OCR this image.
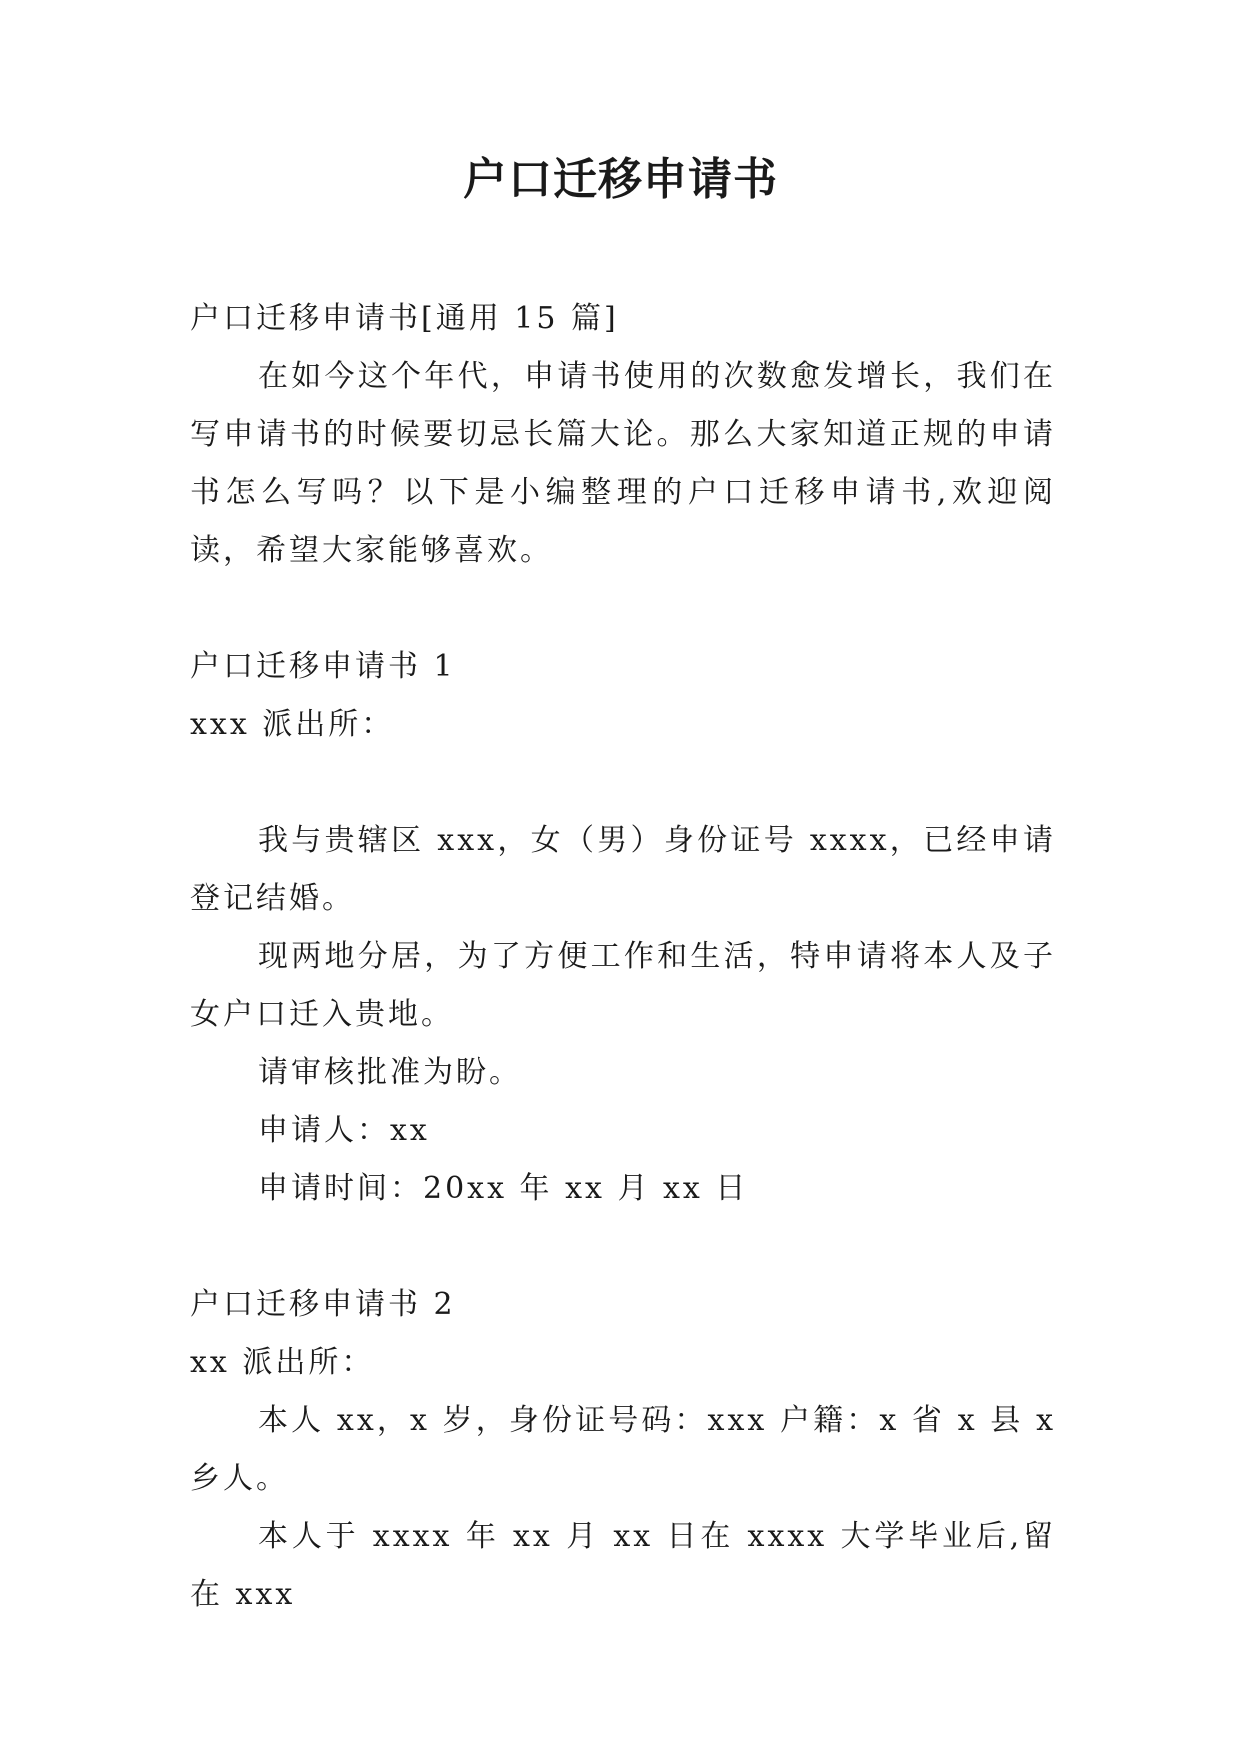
户口迁移申请书

户口迁移申请书[通用 15 篇]

在如今这个年代，申请书使用的次数愈发增长，我们在写申请书的时候要切忌长篇大论。那么大家知道正规的申请书怎么写吗？以下是小编整理的户口迁移申请书,欢迎阅读，希望大家能够喜欢。

户口迁移申请书 1

xxx 派出所：

我与贵辖区 xxx，女（男）身份证号 xxxx，已经申请登记结婚。

现两地分居，为了方便工作和生活，特申请将本人及子女户口迁入贵地。

请审核批准为盼。

申请人：xx

申请时间：20xx 年 xx 月 xx 日

户口迁移申请书 2

xx 派出所：

本人 xx，x 岁，身份证号码：xxx 户籍：x 省 x 县 x 乡人。

本人于 xxxx 年 xx 月 xx 日在 xxxx 大学毕业后,留在 xxx
